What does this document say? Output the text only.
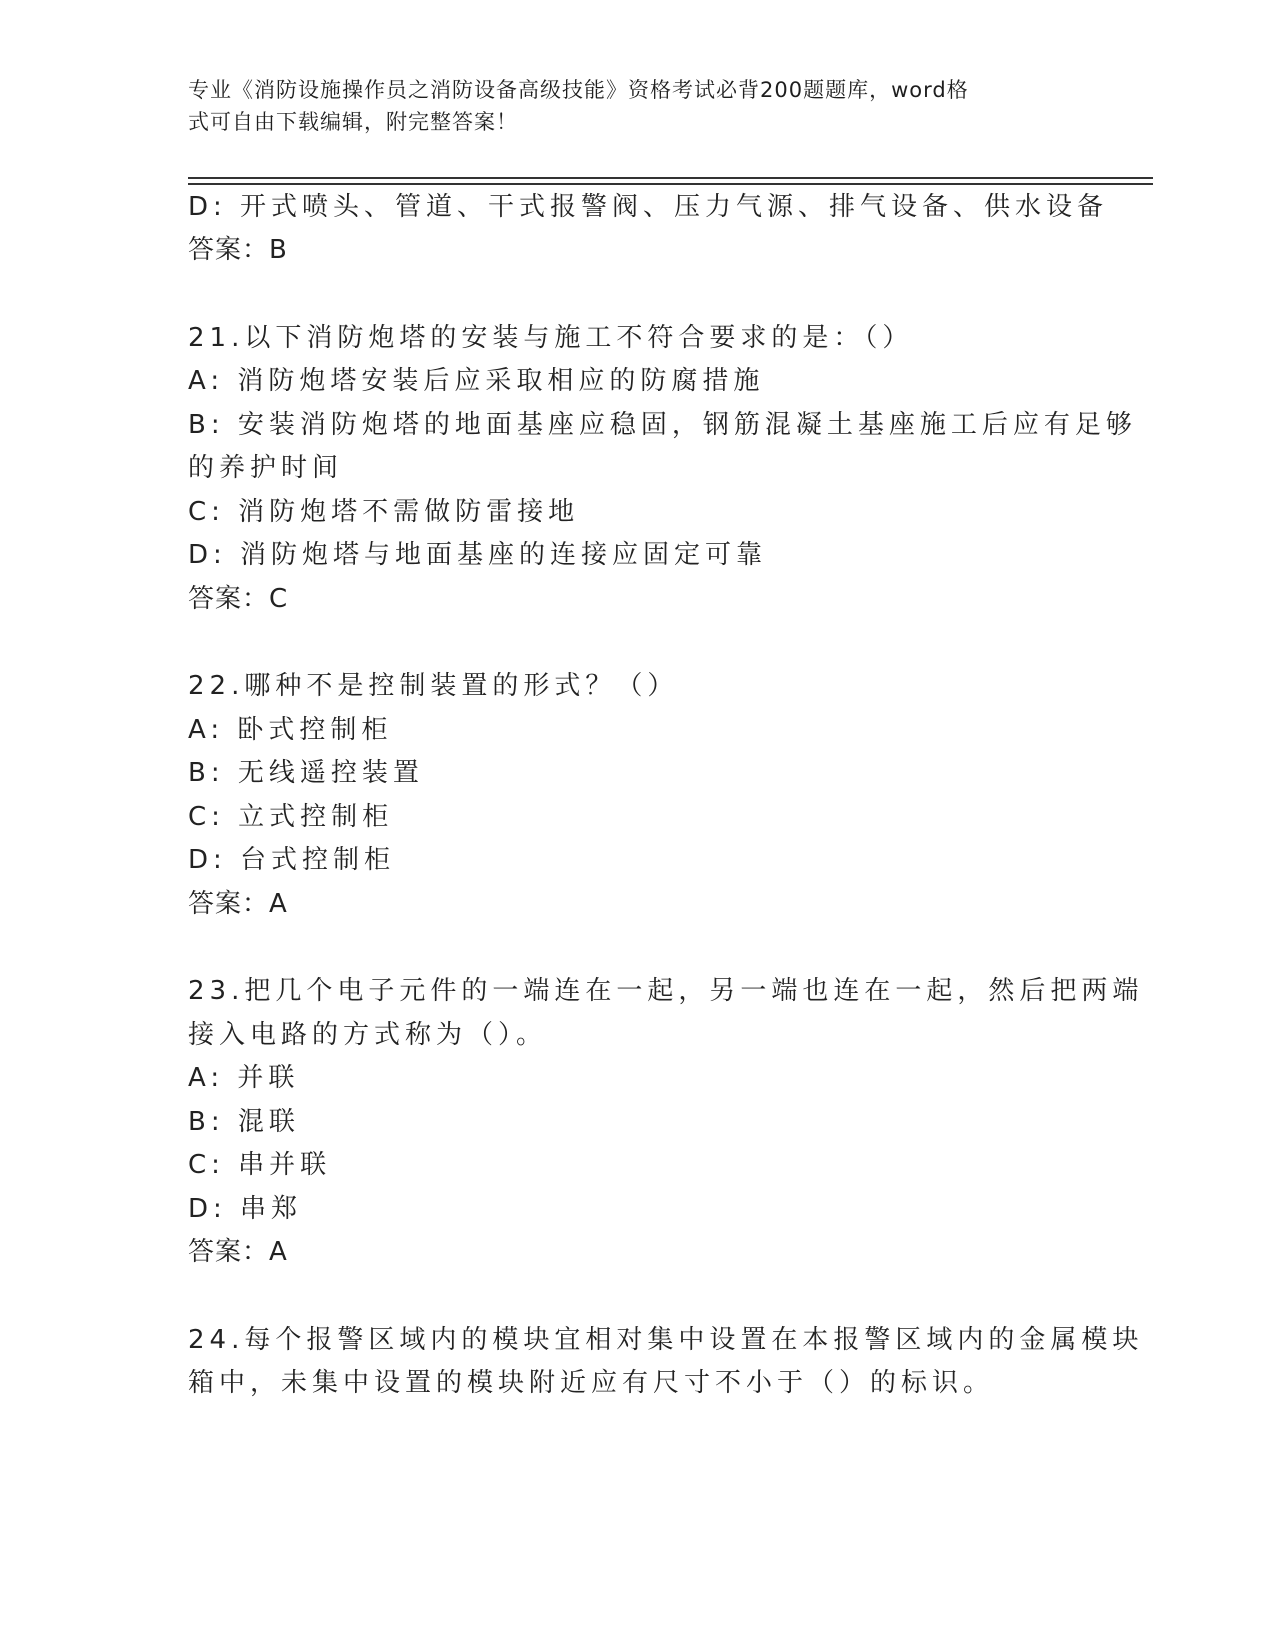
专业《消防设施操作员之消防设备高级技能》资格考试必背200题题库，word格
式可自由下载编辑，附完整答案！
D: 开式喷头、管道、干式报警阀、压力气源、排气设备、供水设备
答案：B
21.以下消防炮塔的安装与施工不符合要求的是：（）
A: 消防炮塔安装后应采取相应的防腐措施
B: 安装消防炮塔的地面基座应稳固，钢筋混凝土基座施工后应有足够
的养护时间
C: 消防炮塔不需做防雷接地
D: 消防炮塔与地面基座的连接应固定可靠
答案：C
22.哪种不是控制装置的形式？（）
A: 卧式控制柜
B: 无线遥控装置
C: 立式控制柜
D: 台式控制柜
答案：A
23.把几个电子元件的一端连在一起，另一端也连在一起，然后把两端
接入电路的方式称为（）。
A: 并联
B: 混联
C: 串并联
D: 串郑
答案：A
24.每个报警区域内的模块宜相对集中设置在本报警区域内的金属模块
箱中，未集中设置的模块附近应有尺寸不小于（）的标识。
